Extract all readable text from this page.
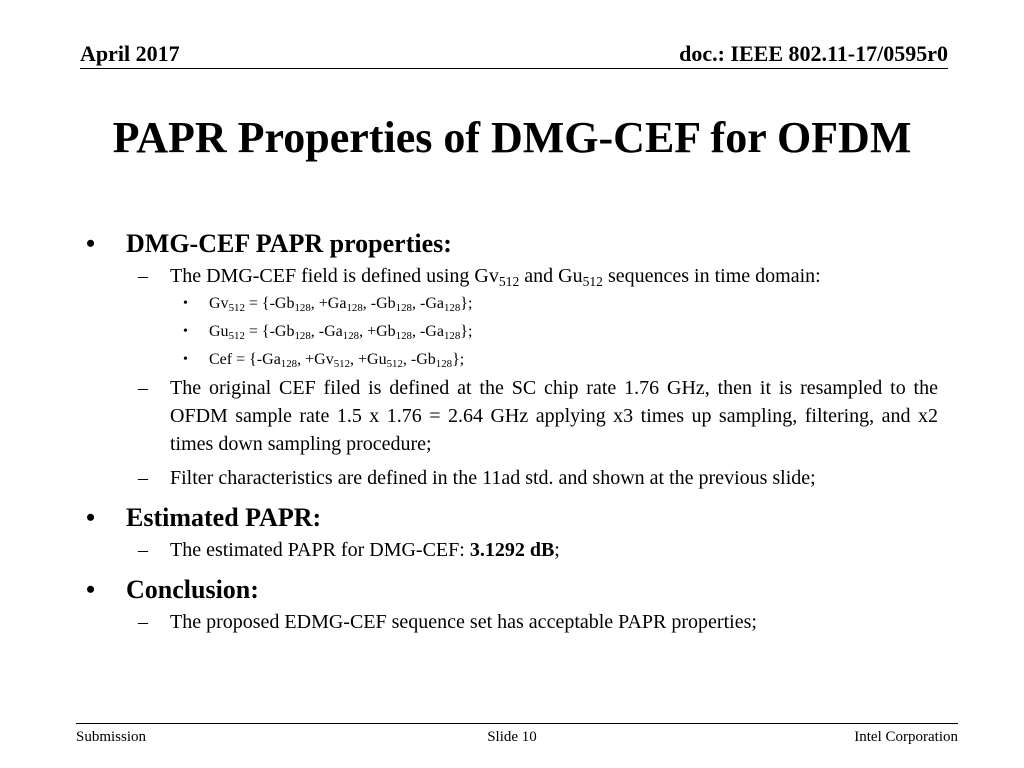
April 2017	doc.: IEEE 802.11-17/0595r0
PAPR Properties of DMG-CEF for OFDM
•	DMG-CEF PAPR properties:
–	The DMG-CEF field is defined using $Gv_{512}$ and $Gu_{512}$ sequences in time domain:
•	$Gv_{512} = \{-Gb_{128}$, $+Ga_{128}$, $-Gb_{128}$, $-Ga_{128}$};
•	$Gu_{512} = \{-Gb_{128}$, $-Ga_{128}$, $+Gb_{128}$, $-Ga_{128}$};
•	Cef = {$-Ga_{128}$, $+Gv_{512}$, $+Gu_{512}$, $-Gb_{128}$};
–	The original CEF filed is defined at the SC chip rate 1.76 GHz, then it is resampled to the OFDM sample rate 1.5 x 1.76 = 2.64 GHz applying x3 times up sampling, filtering, and x2 times down sampling procedure;
–	Filter characteristics are defined in the 11ad std. and shown at the previous slide;
•	Estimated PAPR:
–	The estimated PAPR for DMG-CEF: 3.1292 dB;
•	Conclusion:
–	The proposed EDMG-CEF sequence set has acceptable PAPR properties;
Submission	Slide 10	Intel Corporation
